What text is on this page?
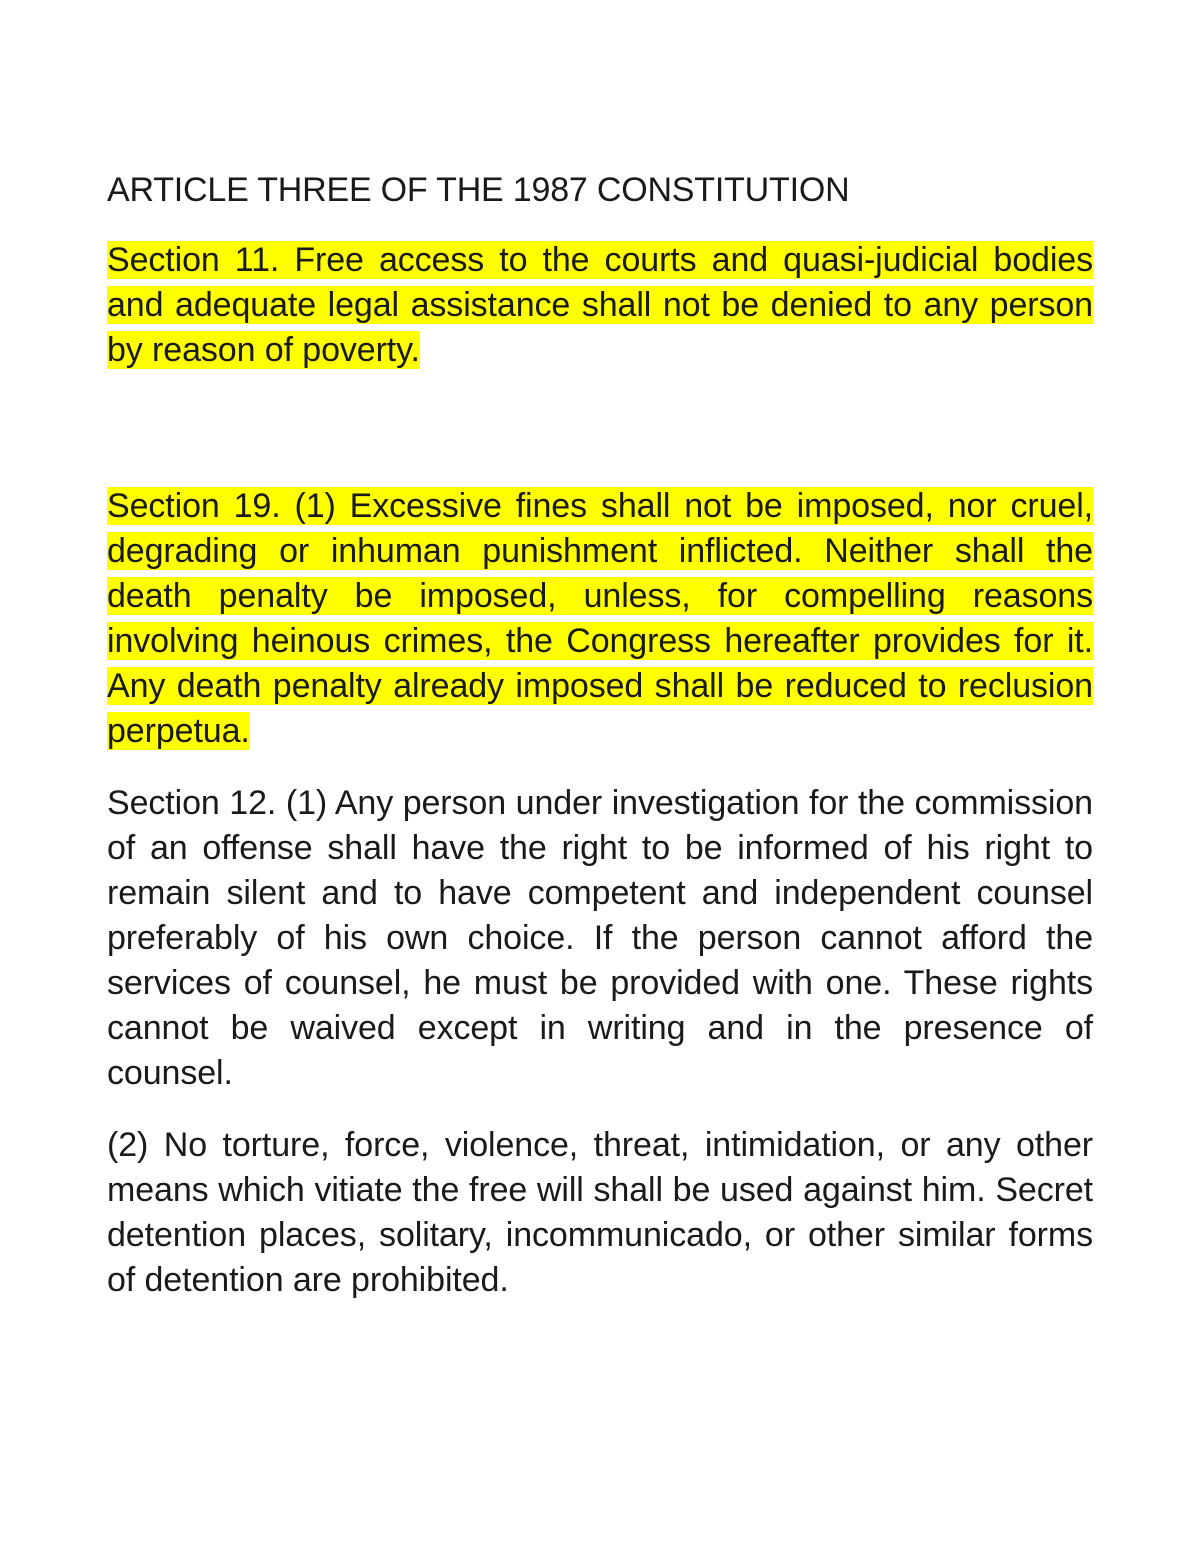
ARTICLE THREE OF THE 1987 CONSTITUTION

Section 11. Free access to the courts and quasi-judicial bodies and adequate legal assistance shall not be denied to any person by reason of poverty.

Section 19. (1) Excessive fines shall not be imposed, nor cruel, degrading or inhuman punishment inflicted. Neither shall the death penalty be imposed, unless, for compelling reasons involving heinous crimes, the Congress hereafter provides for it. Any death penalty already imposed shall be reduced to reclusion perpetua.

Section 12. (1) Any person under investigation for the commission of an offense shall have the right to be informed of his right to remain silent and to have competent and independent counsel preferably of his own choice. If the person cannot afford the services of counsel, he must be provided with one. These rights cannot be waived except in writing and in the presence of counsel.

(2) No torture, force, violence, threat, intimidation, or any other means which vitiate the free will shall be used against him. Secret detention places, solitary, incommunicado, or other similar forms of detention are prohibited.
